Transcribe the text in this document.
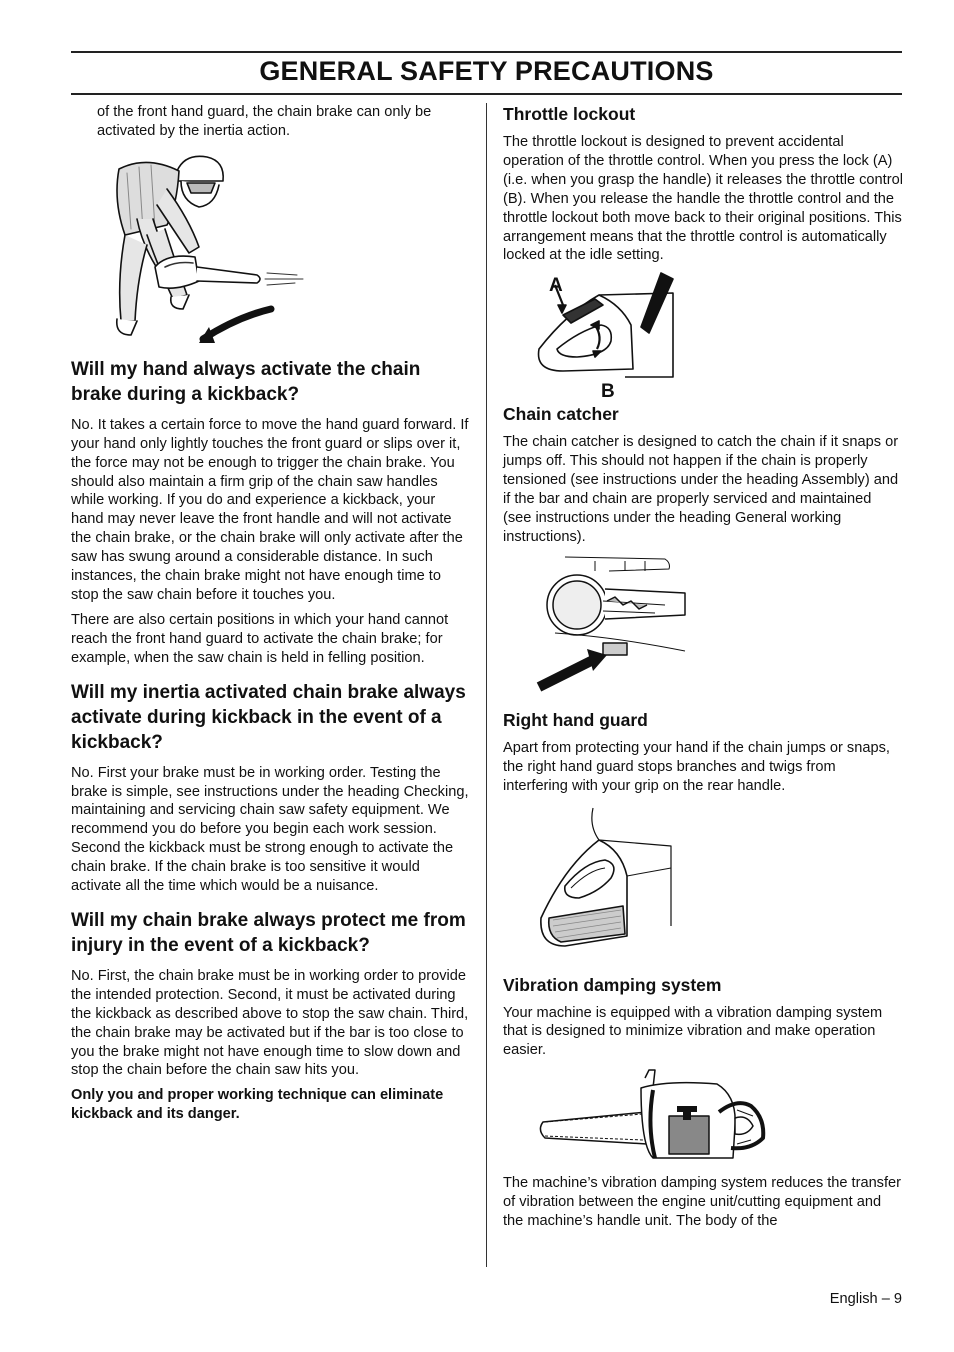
GENERAL SAFETY PRECAUTIONS

of the front hand guard, the chain brake can only be activated by the inertia action.

Will my hand always activate the chain brake during a kickback?

No. It takes a certain force to move the hand guard forward. If your hand only lightly touches the front guard or slips over it, the force may not be enough to trigger the chain brake. You should also maintain a firm grip of the chain saw handles while working. If you do and experience a kickback, your hand may never leave the front handle and will not activate the chain brake, or the chain brake will only activate after the saw has swung around a considerable distance. In such instances, the chain brake might not have enough time to stop the saw chain before it touches you.

There are also certain positions in which your hand cannot reach the front hand guard to activate the chain brake; for example, when the saw chain is held in felling position.

Will my inertia activated chain brake always activate during kickback in the event of a kickback?

No. First your brake must be in working order. Testing the brake is simple, see instructions under the heading Checking, maintaining and servicing chain saw safety equipment. We recommend you do before you begin each work session. Second the kickback must be strong enough to activate the chain brake. If the chain brake is too sensitive it would activate all the time which would be a nuisance.

Will my chain brake always protect me from injury in the event of a kickback?

No. First, the chain brake must be in working order to provide the intended protection. Second, it must be activated during the kickback as described above to stop the saw chain. Third, the chain brake may be activated but if the bar is too close to you the brake might not have enough time to slow down and stop the chain before the chain saw hits you.

Only you and proper working technique can eliminate kickback and its danger.

Throttle lockout

The throttle lockout is designed to prevent accidental operation of the throttle control. When you press the lock (A) (i.e. when you grasp the handle) it releases the throttle control (B). When you release the handle the throttle control and the throttle lockout both move back to their original positions. This arrangement means that the throttle control is automatically locked at the idle setting.

A
B
Chain catcher

The chain catcher is designed to catch the chain if it snaps or jumps off. This should not happen if the chain is properly tensioned (see instructions under the heading Assembly) and if the bar and chain are properly serviced and maintained (see instructions under the heading General working instructions).

Right hand guard

Apart from protecting your hand if the chain jumps or snaps, the right hand guard stops branches and twigs from interfering with your grip on the rear handle.

Vibration damping system

Your machine is equipped with a vibration damping system that is designed to minimize vibration and make operation easier.

The machine’s vibration damping system reduces the transfer of vibration between the engine unit/cutting equipment and the machine’s handle unit. The body of the

English – 9
